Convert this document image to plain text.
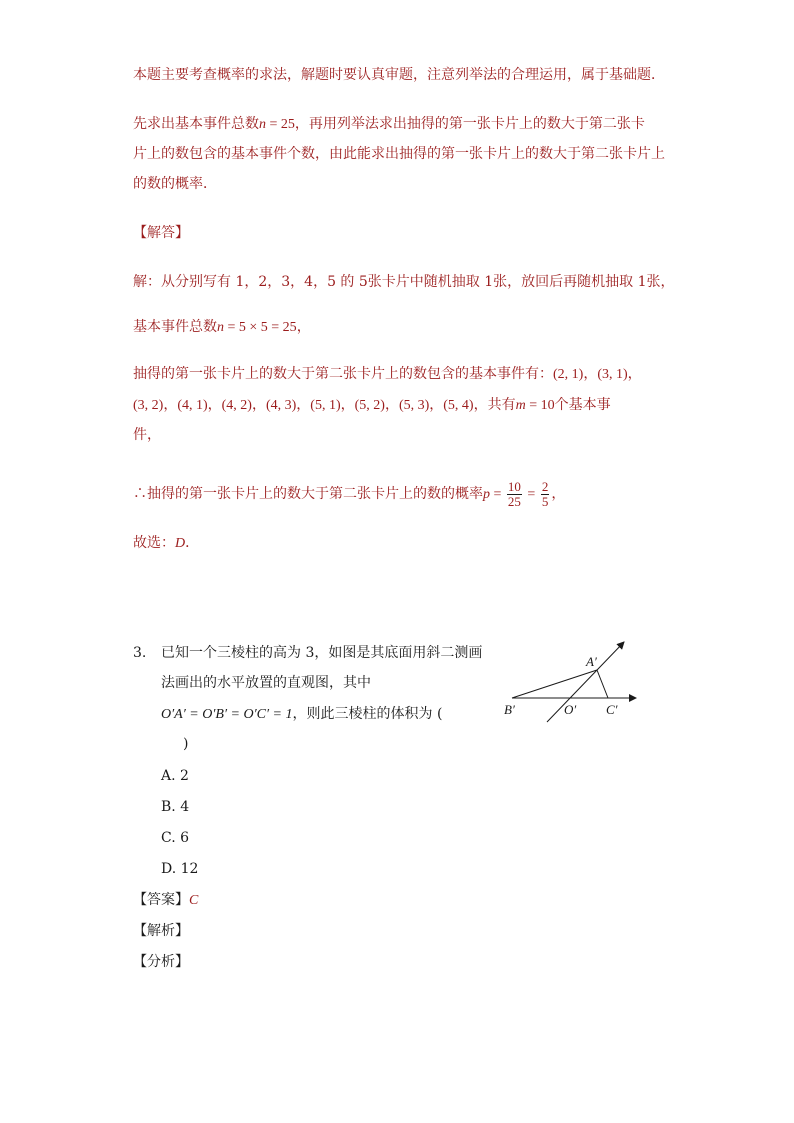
本题主要考查概率的求法，解题时要认真审题，注意列举法的合理运用，属于基础题．
先求出基本事件总数n = 25，再用列举法求出抽得的第一张卡片上的数大于第二张卡
片上的数包含的基本事件个数，由此能求出抽得的第一张卡片上的数大于第二张卡片上
的数的概率．
【解答】
解：从分别写有 1，2，3，4，5 的 5张卡片中随机抽取 1张，放回后再随机抽取 1张，
基本事件总数n = 5 × 5 = 25，
抽得的第一张卡片上的数大于第二张卡片上的数包含的基本事件有：(2, 1)，(3, 1)，
(3, 2)，(4, 1)，(4, 2)，(4, 3)，(5, 1)，(5, 2)，(5, 3)，(5, 4)，共有m = 10个基本事
件，
∴抽得的第一张卡片上的数大于第二张卡片上的数的概率$p = \frac{10}{25} = \frac{2}{5}$ ，
故选：D．
3. 已知一个三棱柱的高为 3，如图是其底面用斜二测画
法画出的水平放置的直观图，其中
O′A′ = O′B′ = O′C′ = 1，则此三棱柱的体积为 (
)
A. 2
B. 4
C. 6
D. 12
【答案】C
【解析】
【分析】
A′
B′	O′ C′
